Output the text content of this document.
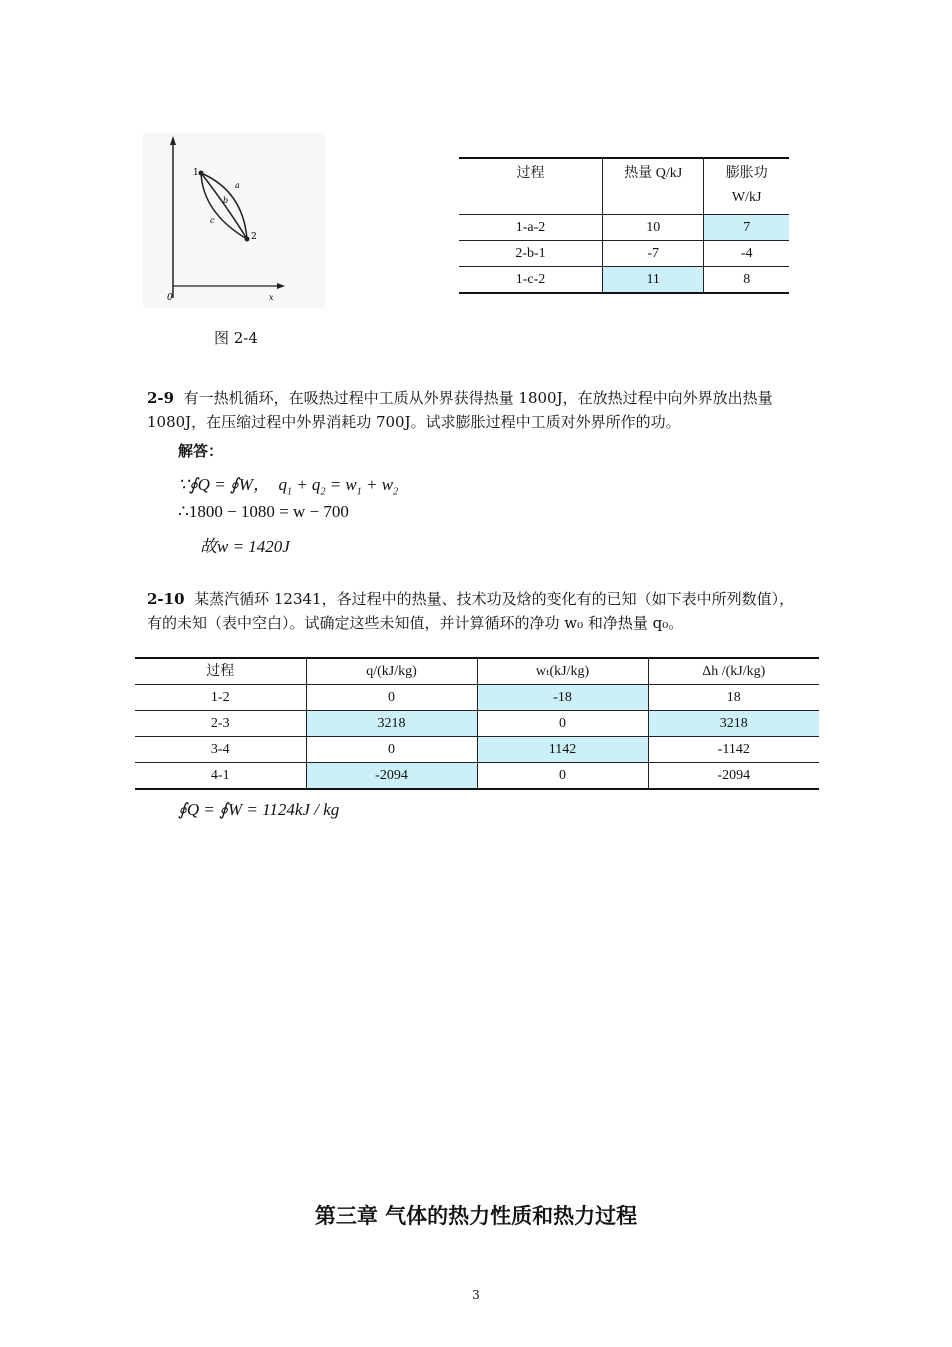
1
2
a
b
c
0	x
图 2-4
过程	热量 Q/kJ	膨胀功
W/kJ
1-a-2	10	7
2-b-1	-7	-4
1-c-2	11	8
2-9 有一热机循环，在吸热过程中工质从外界获得热量 1800J，在放热过程中向外界放出热量
1080J，在压缩过程中外界消耗功 700J。试求膨胀过程中工质对外界所作的功。
解答：
∵∮Q = ∮W，  $q_1 + q_2 = w_1 + w_2$
∴1800 − 1080 = w − 700
故w = 1420J
2-10 某蒸汽循环 12341，各过程中的热量、技术功及焓的变化有的已知（如下表中所列数值），
有的未知（表中空白）。试确定这些未知值，并计算循环的净功 w₀ 和净热量 q₀。
过程	q/(kJ/kg)	wₜ(kJ/kg)	Δh /(kJ/kg)
1-2	0	-18	18
2-3	3218	0	3218
3-4	0	1142	-1142
4-1	-2094	0	-2094
∮Q = ∮W = 1124kJ / kg
第三章 气体的热力性质和热力过程
3
